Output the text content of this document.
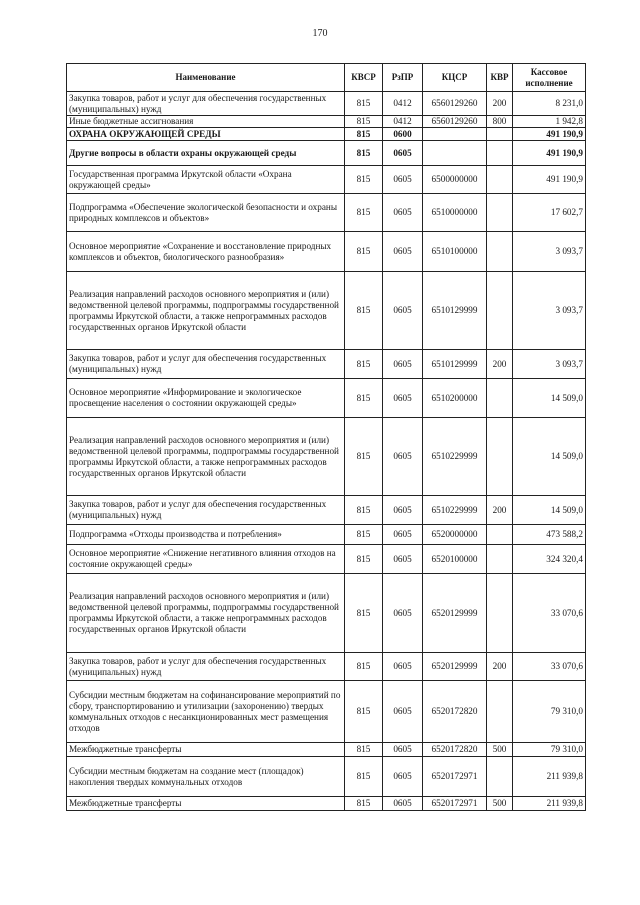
170
Наименование	КВСР	РзПР	КЦСР	КВР	Кассовое исполнение
Закупка товаров, работ и услуг для обеспечения государственных (муниципальных) нужд	815	0412	6560129260	200	8 231,0
Иные бюджетные ассигнования	815	0412	6560129260	800	1 942,8
ОХРАНА ОКРУЖАЮЩЕЙ СРЕДЫ	815	0600			491 190,9
Другие вопросы в области охраны окружающей среды	815	0605			491 190,9
Государственная программа Иркутской области «Охрана окружающей среды»	815	0605	6500000000		491 190,9
Подпрограмма «Обеспечение экологической безопасности и охраны природных комплексов и объектов»	815	0605	6510000000		17 602,7
Основное мероприятие «Сохранение и восстановление природных комплексов и объектов, биологического разнообразия»	815	0605	6510100000		3 093,7
Реализация направлений расходов основного мероприятия и (или) ведомственной целевой программы, подпрограммы государственной программы Иркутской области, а также непрограммных расходов государственных органов Иркутской области	815	0605	6510129999		3 093,7
Закупка товаров, работ и услуг для обеспечения государственных (муниципальных) нужд	815	0605	6510129999	200	3 093,7
Основное мероприятие «Информирование и экологическое просвещение населения о состоянии окружающей среды»	815	0605	6510200000		14 509,0
Реализация направлений расходов основного мероприятия и (или) ведомственной целевой программы, подпрограммы государственной программы Иркутской области, а также непрограммных расходов государственных органов Иркутской области	815	0605	6510229999		14 509,0
Закупка товаров, работ и услуг для обеспечения государственных (муниципальных) нужд	815	0605	6510229999	200	14 509,0
Подпрограмма «Отходы производства и потребления»	815	0605	6520000000		473 588,2
Основное мероприятие «Снижение негативного влияния отходов на состояние окружающей среды»	815	0605	6520100000		324 320,4
Реализация направлений расходов основного мероприятия и (или) ведомственной целевой программы, подпрограммы государственной программы Иркутской области, а также непрограммных расходов государственных органов Иркутской области	815	0605	6520129999		33 070,6
Закупка товаров, работ и услуг для обеспечения государственных (муниципальных) нужд	815	0605	6520129999	200	33 070,6
Субсидии местным бюджетам на софинансирование мероприятий по сбору, транспортированию и утилизации (захоронению) твердых коммунальных отходов с несанкционированных мест размещения отходов	815	0605	6520172820		79 310,0
Межбюджетные трансферты	815	0605	6520172820	500	79 310,0
Субсидии местным бюджетам на создание мест (площадок) накопления твердых коммунальных отходов	815	0605	6520172971		211 939,8
Межбюджетные трансферты	815	0605	6520172971	500	211 939,8
